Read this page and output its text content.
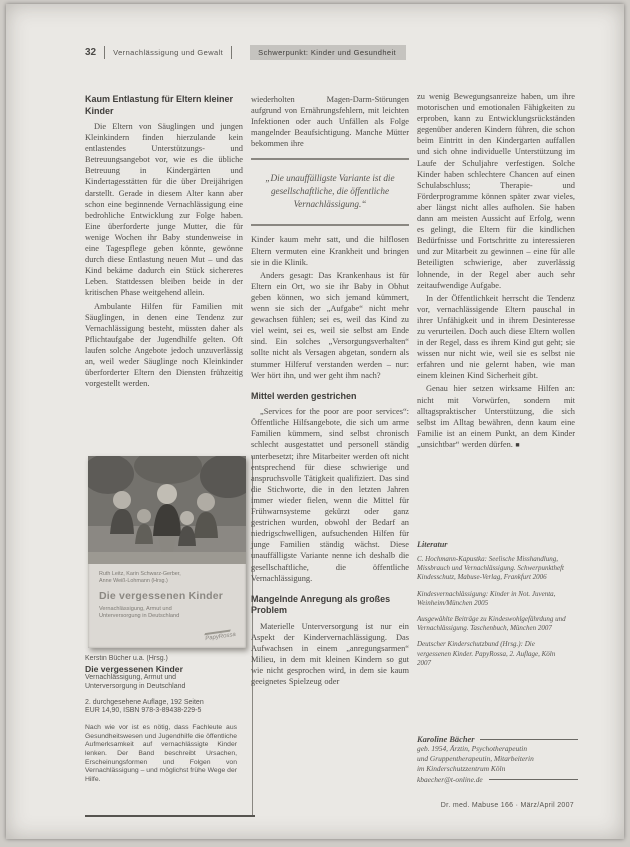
32 Vernachlässigung und Gewalt	Schwerpunkt: Kinder und Gesundheit
Kaum Entlastung für Eltern kleiner Kinder

Die Eltern von Säuglingen und jungen Kleinkindern finden hierzulande kein entlastendes Unterstützungs- und Betreuungsangebot vor, wie es die übliche Betreuung in Kindergärten und Kindertagesstätten für die über Dreijährigen darstellt. Gerade in diesem Alter kann aber schon eine beginnende Vernachlässigung eine bedrohliche Entwicklung zur Folge haben. Eine überforderte junge Mutter, die für wenige Wochen ihr Baby stundenweise in eine Tagespflege geben könnte, gewönne durch diese Entlastung neuen Mut – und das Kind bekäme dadurch ein Stück sichereres Leben. Stattdessen bleiben beide in der kritischen Phase weitgehend allein.

Ambulante Hilfen für Familien mit Säuglingen, in denen eine Tendenz zur Vernachlässigung besteht, müssten daher als Pflichtaufgabe der Jugendhilfe gelten. Oft laufen solche Angebote jedoch unzuverlässig an, weil weder Säuglinge noch Kleinkinder überforderter Eltern den Diensten frühzeitig vorgestellt werden.

Ruth Leitz, Karin Schwarz-Gerber,
Anne Weiß-Lohmann (Hrsg.)
Die vergessenen Kinder
Vernachlässigung, Armut und Unterversorgung in Deutschland
PapyRossa
Kerstin Bücher u.a. (Hrsg.)
Die vergessenen Kinder
Vernachlässigung, Armut und Unterversorgung in Deutschland
2. durchgesehene Auflage, 192 Seiten
EUR 14,90, ISBN 978-3-89438-229-5
Nach wie vor ist es nötig, dass Fachleute aus Gesundheitswesen und Jugendhilfe die öffentliche Aufmerksamkeit auf vernachlässigte Kinder lenken. Der Band beschreibt Ursachen, Erscheinungsformen und Folgen von Vernachlässigung – und möglichst frühe Wege der Hilfe.

wiederholten Magen-Darm-Störungen aufgrund von Ernährungsfehlern, mit leichten Infektionen oder auch Unfällen als Folge mangelnder Beaufsichtigung. Manche Mütter bekommen ihre

„Die unauffälligste Variante ist die gesellschaftliche, die öffentliche Vernachlässigung.“

Kinder kaum mehr satt, und die hilflosen Eltern vermuten eine Krankheit und bringen sie in die Klinik.

Anders gesagt: Das Krankenhaus ist für Eltern ein Ort, wo sie ihr Baby in Obhut geben können, wo sich jemand kümmert, wenn sie sich der „Aufgabe“ nicht mehr gewachsen fühlen; sei es, weil das Kind zu viel weint, sei es, weil sie selbst am Ende sind. Ein solches „Versorgungsverhalten“ sollte nicht als Versagen abgetan, sondern als stummer Hilferuf verstanden werden – nur: Wer hört ihn, und wer geht ihm nach?

Mittel werden gestrichen

„Services for the poor are poor services“: Öffentliche Hilfsangebote, die sich um arme Familien kümmern, sind selbst chronisch schlecht ausgestattet und personell ständig unterbesetzt; ihre Mitarbeiter werden oft nicht entsprechend für diese schwierige und anspruchsvolle Tätigkeit qualifiziert. Das sind die Stichworte, die in den letzten Jahren immer wieder fielen, wenn die Mittel für Frühwarnsysteme gekürzt oder ganz gestrichen wurden, obwohl der Bedarf an niedrigschwelligen, aufsuchenden Hilfen für junge Familien ständig wächst. Diese unauffälligste Variante nenne ich deshalb die gesellschaftliche, die öffentliche Vernachlässigung.

Mangelnde Anregung als großes Problem

Materielle Unterversorgung ist nur ein Aspekt der Kindervernachlässigung. Das Aufwachsen in einem „anregungsarmen“ Milieu, in dem mit kleinen Kindern so gut wie nicht gesprochen wird, in dem sie kaum geeignetes Spielzeug oder

zu wenig Bewegungsanreize haben, um ihre motorischen und emotionalen Fähigkeiten zu erproben, kann zu Entwicklungsrückständen gegenüber anderen Kindern führen, die schon beim Eintritt in den Kindergarten auffallen und sich ohne individuelle Unterstützung im Laufe der Schuljahre verfestigen. Solche Kinder haben schlechtere Chancen auf einen Schulabschluss; Therapie- und Förderprogramme können später zwar vieles, aber längst nicht alles aufholen. Sie haben dann am meisten Aussicht auf Erfolg, wenn es gelingt, die Eltern für die kindlichen Bedürfnisse und Fortschritte zu interessieren und zur Mitarbeit zu gewinnen – eine für alle Beteiligten schwierige, aber zuverlässig lohnende, in der Regel aber auch sehr zeitaufwendige Aufgabe.

In der Öffentlichkeit herrscht die Tendenz vor, vernachlässigende Eltern pauschal in ihrer Unfähigkeit und in ihrem Desinteresse zu verurteilen. Doch auch diese Eltern wollen in der Regel, dass es ihrem Kind gut geht; sie wissen nur nicht wie, weil sie es selbst nie erfahren und nie gelernt haben, wie man einem kleinen Kind Sicherheit gibt.

Genau hier setzen wirksame Hilfen an: nicht mit Vorwürfen, sondern mit alltagspraktischer Unterstützung, die sich selbst im Alltag bewähren, denn kaum eine Familie ist an einem Punkt, an dem Kinder „unsichtbar“ werden dürfen. ■

Literatur
C. Hochmann-Kapustka: Seelische Misshandlung, Missbrauch und Vernachlässigung. Schwerpunktheft Kindesschutz, Mabuse-Verlag, Frankfurt 2006
Kindesvernachlässigung: Kinder in Not. Juventa, Weinheim/München 2005
Ausgewählte Beiträge zu Kindeswohlgefährdung und Vernachlässigung. Taschenbuch, München 2007
Deutscher Kinderschutzbund (Hrsg.): Die vergessenen Kinder. PapyRossa, 2. Auflage, Köln 2007
Karoline Bächer
geb. 1954, Ärztin, Psychotherapeutin
und Gruppentherapeutin, Mitarbeiterin
im Kinderschutzzentrum Köln
kbaecher@t-online.de
Dr. med. Mabuse 166 · März/April 2007
